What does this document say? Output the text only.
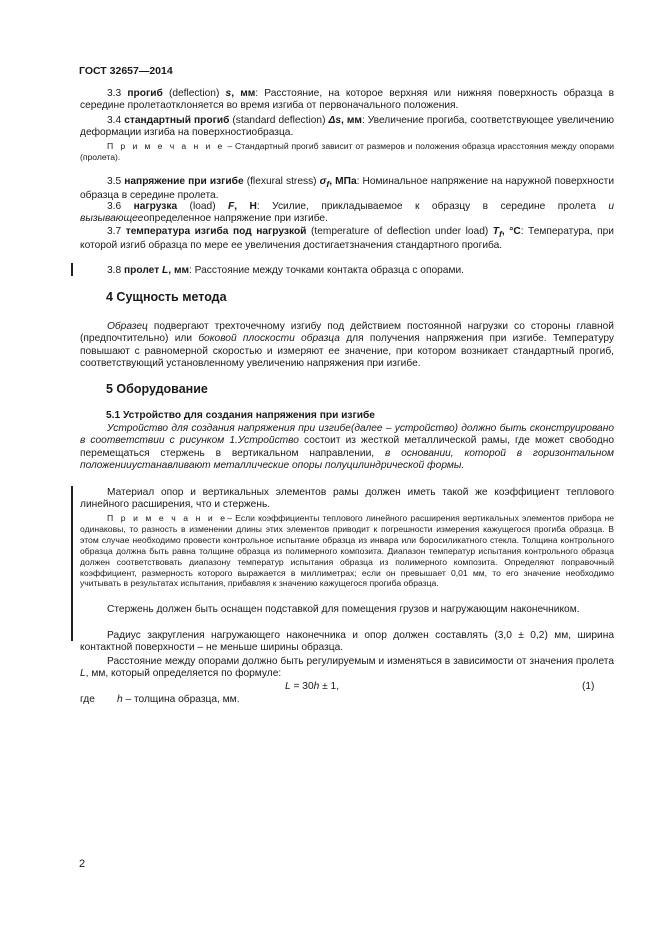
ГОСТ 32657—2014
3.3 прогиб (deflection) s, мм: Расстояние, на которое верхняя или нижняя поверхность образца в середине пролетаотклоняется во время изгиба от первоначального положения.
3.4 стандартный прогиб (standard deflection) Δs, мм: Увеличение прогиба, соответствующее увеличению деформации изгиба на поверхностиобразца.
П р и м е ч а н и е – Стандартный прогиб зависит от размеров и положения образца ирасстояния между опорами (пролета).
3.5 напряжение при изгибе (flexural stress) $\sigma_f$, МПа: Номинальное напряжение на наружной поверхности образца в середине пролета.
3.6 нагрузка (load) F, Н: Усилие, прикладываемое к образцу в середине пролета и вызывающееопределенное напряжение при изгибе.
3.7 температура изгиба под нагрузкой (temperature of deflection under load) $T_f$, °С: Температура, при которой изгиб образца по мере ее увеличения достигаетзначения стандартного прогиба.
3.8 пролет L, мм: Расстояние между точками контакта образца с опорами.
4 Сущность метода
Образец подвергают трехточечному изгибу под действием постоянной нагрузки со стороны главной (предпочтительно) или боковой плоскости образца для получения напряжения при изгибе. Температуру повышают с равномерной скоростью и измеряют ее значение, при котором возникает стандартный прогиб, соответствующий установленному увеличению напряжения при изгибе.
5 Оборудование
5.1 Устройство для создания напряжения при изгибе
Устройство для создания напряжения при изгибе(далее – устройство) должно быть сконструировано в соответствии с рисунком 1.Устройство состоит из жесткой металлической рамы, где может свободно перемещаться стержень в вертикальном направлении, в основании, которой в горизонтальном положенииустанавливают металлические опоры полуцилиндрической формы.
Материал опор и вертикальных элементов рамы должен иметь такой же коэффициент теплового линейного расширения, что и стержень.
П р и м е ч а н и е– Если коэффициенты теплового линейного расширения вертикальных элементов прибора не одинаковы, то разность в изменении длины этих элементов приводит к погрешности измерения кажущегося прогиба образца. В этом случае необходимо провести контрольное испытание образца из инвара или боросиликатного стекла. Толщина контрольного образца должна быть равна толщине образца из полимерного композита. Диапазон температур испытания контрольного образца должен соответствовать диапазону температур испытания образца из полимерного композита. Определяют поправочный коэффициент, размерность которого выражается в миллиметрах; если он превышает 0,01 мм, то его значение необходимо учитывать в результатах испытания, прибавляя к значению кажущегося прогиба образца.
Стержень должен быть оснащен подставкой для помещения грузов и нагружающим наконечником.
Радиус закругления нагружающего наконечника и опор должен составлять (3,0 ± 0,2) мм, ширина контактной поверхности – не меньше ширины образца.
Расстояние между опорами должно быть регулируемым и изменяться в зависимости от значения пролета L, мм, который определяется по формуле:
L = 30h ± 1,	(1)
где h – толщина образца, мм.
2
